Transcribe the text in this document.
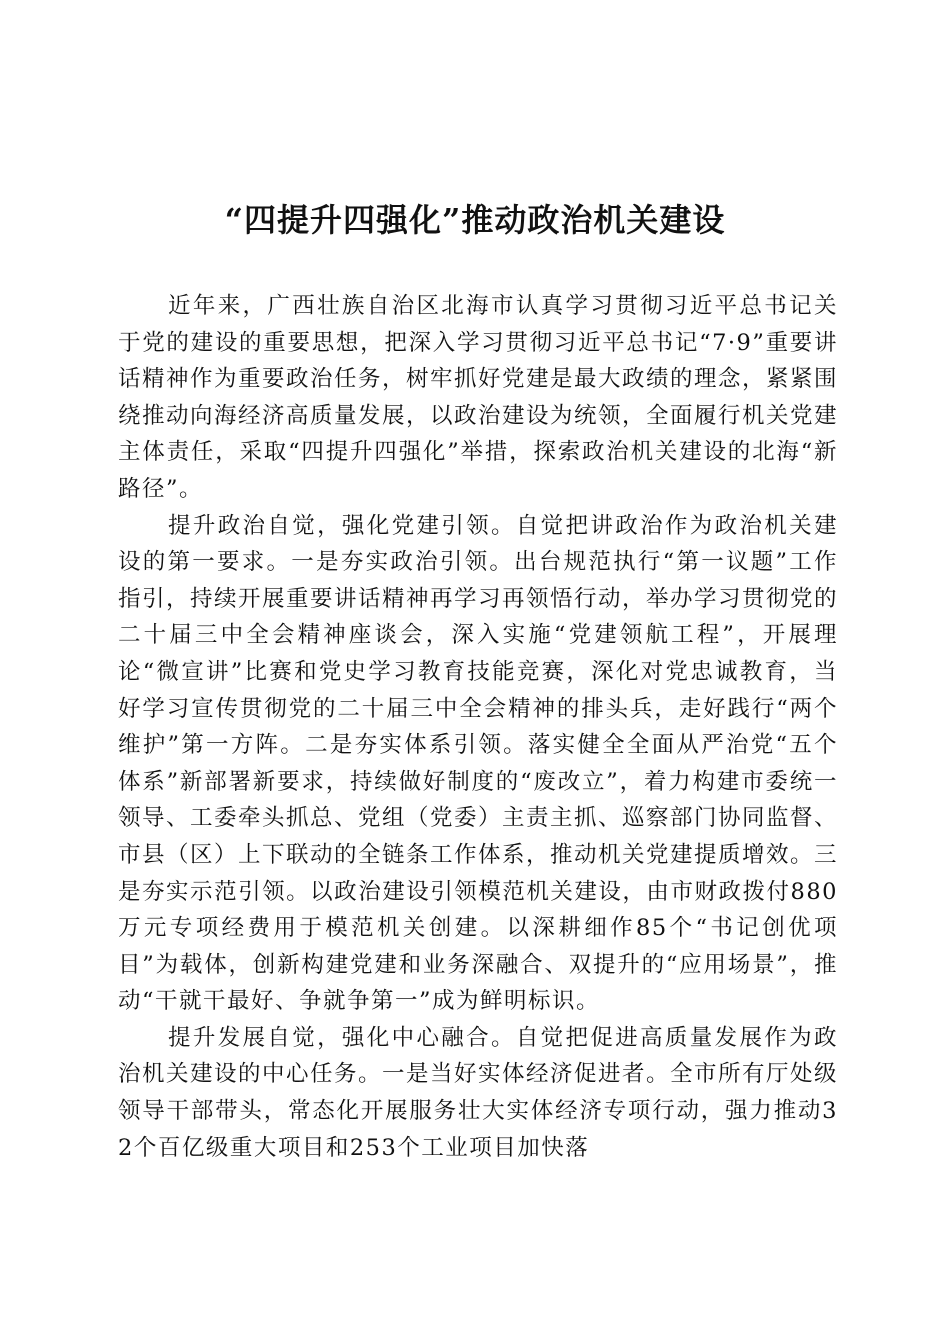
“四提升四强化”推动政治机关建设

近年来，广西壮族自治区北海市认真学习贯彻习近平总书记关于党的建设的重要思想，把深入学习贯彻习近平总书记“7·9”重要讲话精神作为重要政治任务，树牢抓好党建是最大政绩的理念，紧紧围绕推动向海经济高质量发展，以政治建设为统领，全面履行机关党建主体责任，采取“四提升四强化”举措，探索政治机关建设的北海“新路径”。

提升政治自觉，强化党建引领。自觉把讲政治作为政治机关建设的第一要求。一是夯实政治引领。出台规范执行“第一议题”工作指引，持续开展重要讲话精神再学习再领悟行动，举办学习贯彻党的二十届三中全会精神座谈会，深入实施“党建领航工程”，开展理论“微宣讲”比赛和党史学习教育技能竞赛，深化对党忠诚教育，当好学习宣传贯彻党的二十届三中全会精神的排头兵，走好践行“两个维护”第一方阵。二是夯实体系引领。落实健全全面从严治党“五个体系”新部署新要求，持续做好制度的“废改立”，着力构建市委统一领导、工委牵头抓总、党组（党委）主责主抓、巡察部门协同监督、市县（区）上下联动的全链条工作体系，推动机关党建提质增效。三是夯实示范引领。以政治建设引领模范机关建设，由市财政拨付880万元专项经费用于模范机关创建。以深耕细作85个“书记创优项目”为载体，创新构建党建和业务深融合、双提升的“应用场景”，推动“干就干最好、争就争第一”成为鲜明标识。

提升发展自觉，强化中心融合。自觉把促进高质量发展作为政治机关建设的中心任务。一是当好实体经济促进者。全市所有厅处级领导干部带头，常态化开展服务壮大实体经济专项行动，强力推动32个百亿级重大项目和253个工业项目加快落
